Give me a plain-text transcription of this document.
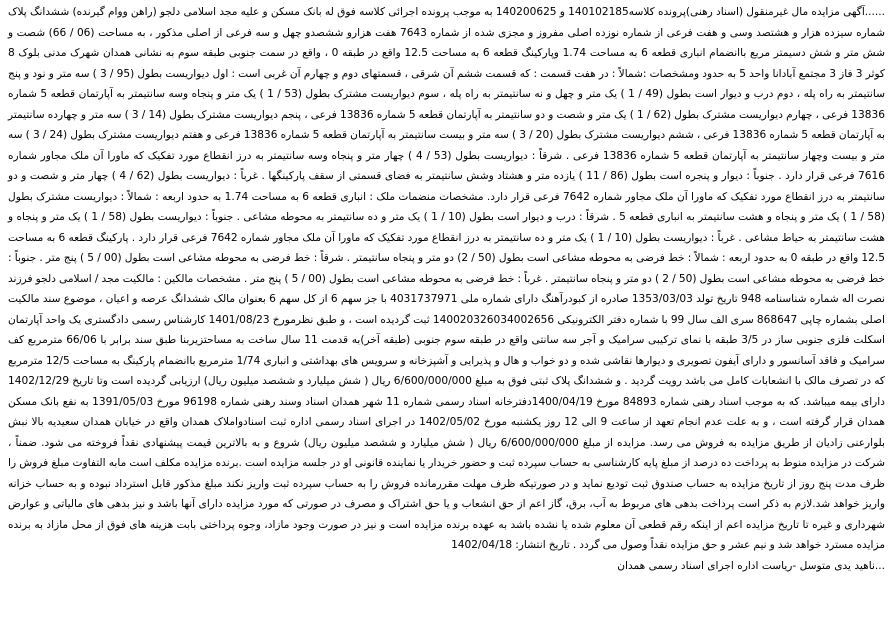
......آگهی مزایده مال غیرمنقول (اسناد رهنی)پرونده کلاسه140102185 و 140200625 به موجب پرونده اجرائی کلاسه فوق له بانک مسکن و علیه مجد اسلامی دلجو (راهن ووام گیرنده) ششدانگ پلاک شماره سیزده هزار و هشتصد وسی و هفت فرعی از شماره نوزده اصلی مفروز و مجزی شده از شماره 7643 هفت هزارو ششصدو چهل و سه فرعی از اصلی مذکور ، به مساحت (06 / 66) شصت و شش متر و شش دسیمتر مربع باانضمام انباری قطعه 6 به مساحت 1.74 وپارکینگ قطعه 6 به مساحت 12.5 واقع در طبقه 0 ، واقع در سمت جنوبی طبقه سوم به نشانی همدان شهرک مدنی بلوک 8 کوثر 3 فاز 3 مجتمع آبادانا واحد 5 به حدود ومشخصات :شمالاً : در هفت قسمت : که قسمت ششم آن شرقی ، قسمتهای دوم و چهارم آن غربی است : اول دیواریست بطول (95 / 3 ) سه متر و نود و پنج سانتیمتر به راه پله ، دوم درب و دیوار است بطول (49 / 1 ) یک متر و چهل و نه سانتیمتر به راه پله ، سوم دیواریست مشترک بطول (53 / 1 ) یک متر و پنجاه وسه سانتیمتر به آپارتمان قطعه 5 شماره 13836 فرعی ، چهارم دیواریست مشترک بطول (62 / 1 ) یک متر و شصت و دو سانتیمتر به آپارتمان قطعه 5 شماره 13836 فرعی ، پنجم دیواریست مشترک بطول (14 / 3 ) سه متر و چهارده سانتیمتر به آپارتمان قطعه 5 شماره 13836 فرعی ، ششم دیواریست مشترک بطول (20 / 3 ) سه متر و بیست سانتیمتر به آپارتمان قطعه 5 شماره 13836 فرعی و هفتم دیواریست مشترک بطول (24 / 3 ) سه متر و بیست وچهار سانتیمتر به آپارتمان قطعه 5 شماره 13836 فرعی . شرقاً : دیواریست بطول (53 / 4 ) چهار متر و پنجاه وسه سانتیمتر به درز انقطاع مورد تفکیک که ماورا آن ملک مجاور شماره 7616 فرعی قرار دارد . جنوباً : دیوار و پنجره است بطول (86 / 11 ) یازده متر و هشتاد وشش سانتیمتر به فضای قسمتی از سقف پارکینگها . غرباً : دیواریست بطول (62 / 4 ) چهار متر و شصت و دو سانتیمتر به درز انقطاع مورد تفکیک که ماورا آن ملک مجاور شماره 7642 فرعی قرار دارد. مشخصات منضمات ملک : انباری قطعه 6 به مساحت 1.74 به حدود اربعه : شمالاً : دیواریست مشترک بطول (58 / 1 ) یک متر و پنجاه و هشت سانتیمتر به انباری قطعه 5 . شرقاً : درب و دیوار است بطول (10 / 1 ) یک متر و ده سانتیمتر به محوطه مشاعی . جنوباً : دیواریست بطول (58 / 1 ) یک متر و پنجاه و هشت سانتیمتر به حیاط مشاعی . غرباً : دیواریست بطول (10 / 1 ) یک متر و ده سانتیمتر به درز انقطاع مورد تفکیک که ماورا آن ملک مجاور شماره 7642 فرعی قرار دارد . پارکینگ قطعه 6 به مساحت 12.5 واقع در طبقه 0 به حدود اربعه : شمالاً : خط فرضی به محوطه مشاعی است بطول (50 / 2) دو متر و پنجاه سانتیمتر . شرقاً : خط فرضی به محوطه مشاعی است بطول (00 / 5 ) پنج متر . جنوباً : خط فرضی به محوطه مشاعی است بطول (50 / 2 ) دو متر و پنجاه سانتیمتر . غرباً : خط فرضی به محوطه مشاعی است بطول (00 / 5 ) پنج متر . مشخصات مالکین : مالکیت مجد / اسلامی دلجو فرزند نصرت اله شماره شناسنامه 948 تاریخ تولد 1353/03/03 صادره از کبودرآهنگ دارای شماره ملی 4031737971 با جز سهم 6 از کل سهم 6 بعنوان مالک ششدانگ عرصه و اعیان ، موضوع سند مالکیت اصلی بشماره چاپی 868647 سری الف سال 99 با شماره دفتر الکترونیکی 140020326034002656 ثبت گردیده است ، و طبق نظرمورخ 1401/08/23 کارشناس رسمی دادگستری یک واحد آپارتمان اسکلت فلزی جنوبی ساز در 3/5 طبقه با نمای ترکیبی سرامیک و آجر سه سانتی واقع در طبقه سوم جنوبی (طبقه آخر)به قدمت 11 سال ساخت به مساحتزیربنا طبق سند برابر با 66/06 مترمربع کف سرامیک و فاقد آسانسور و دارای آیفون تصویری و دیوارها نقاشی شده و دو خواب و هال و پذیرایی و آشپزخانه و سرویس های بهداشتی و انباری 1/74 مترمربع باانضمام پارکینگ به مساحت 12/5 مترمربع که در تصرف مالک با انشعابات کامل می باشد رویت گردید . و ششدانگ پلاک ثبتی فوق به مبلغ 6/600/000/000 ریال ( شش میلیارد و ششصد میلیون ریال) ارزیابی گردیده است وتا تاریخ 1402/12/29 دارای بیمه میباشد. که به موجب اسناد رهنی شماره 84893 مورخ 1400/04/19دفترخانه اسناد رسمی شماره 11 شهر همدان اسناد وسند رهنی شماره 96198 مورخ 1391/05/03 به نفع بانک مسکن همدان قرار گرفته است ، و به علت عدم انجام تعهد از ساعت 9 الی 12 روز یکشنبه مورخ 1402/05/02 در اجرای اسناد رسمی اداره ثبت اسنادواملاک همدان واقع در خیابان همدان سعیدیه بالا نبش بلوارعنی زادیان از طریق مزایده به فروش می رسد. مزایده از مبلغ 6/600/000/000 ریال ( شش میلیارد و ششصد میلیون ریال) شروع و به بالاترین قیمت پیشنهادی نقداً فروخته می شود. ضمناً ، شرکت در مزایده منوط به پرداخت ده درصد از مبلغ پایه کارشناسی به حساب سپرده ثبت و حضور خریدار یا نماینده قانونی او در جلسه مزایده است .برنده مزایده مکلف است مابه التفاوت مبلغ فروش را ظرف مدت پنج روز از تاریخ مزایده به حساب صندوق ثبت تودیع نماید و در صورتیکه ظرف مهلت مقررمانده فروش را به حساب سپرده ثبت واریز نکند مبلغ مذکور قابل استرداد نبوده و به حساب خزانه واریز خواهد شد.لازم به ذکر است پرداخت بدهی های مربوط به آب، برق، گاز اعم از حق انشعاب و یا حق اشتراک و مصرف در صورتی که مورد مزایده دارای آنها باشد و نیز بدهی های مالیاتی و عوارض شهرداری و غیره تا تاریخ مزایده اعم از اینکه رقم قطعی آن معلوم شده یا نشده باشد به عهده برنده مزایده است و نیز در صورت وجود مازاد، وجوه پرداختی بابت هزینه های فوق از محل مازاد به برنده مزایده مسترد خواهد شد و نیم عشر و حق مزایده نقداً وصول می گردد . تاریخ انتشار: 1402/04/18

...ناهید یدی متوسل -ریاست اداره اجرای اسناد رسمی همدان
